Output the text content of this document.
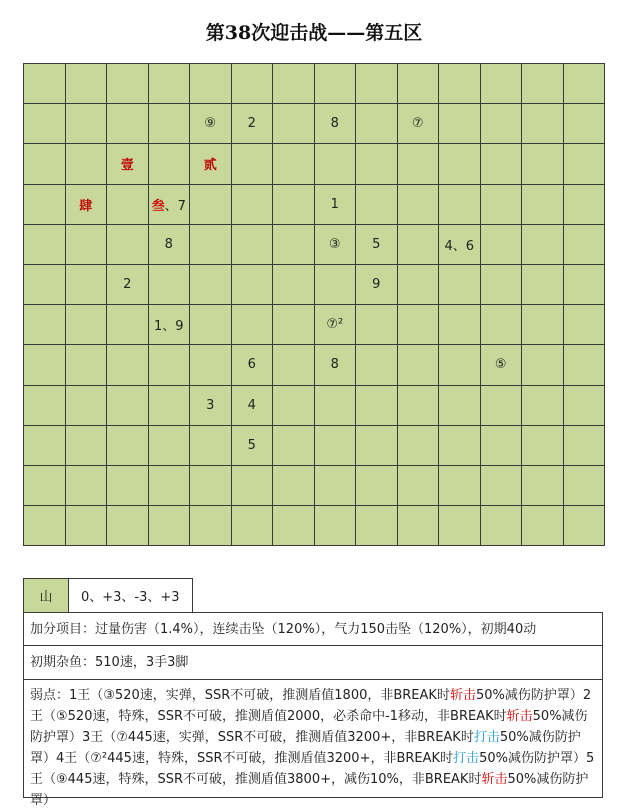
第38次迎击战——第五区

				⑨	2		8		⑦				
		壹		贰									
	肆		叁、7				1						
			8				③	5		4、6			
		2						9					
			1、9				⑦²						
					6		8				⑤		
				3	4								
					5								

山	0、+3、-3、+3
加分项目：过量伤害（1.4%），连续击坠（120%），气力150击坠（120%），初期40动
初期杂鱼：510速，3手3脚
弱点：1王（③520速，实弹，SSR不可破，推测盾值1800，非BREAK时斩击50%减伤防护罩）2王（⑤520速，特殊，SSR不可破，推测盾值2000，必杀命中-1移动，非BREAK时斩击50%减伤防护罩）3王（⑦445速，实弹，SSR不可破，推测盾值3200+，非BREAK时打击50%减伤防护罩）4王（⑦²445速，特殊，SSR不可破，推测盾值3200+，非BREAK时打击50%减伤防护罩）5王（⑨445速，特殊，SSR不可破，推测盾值3800+，减伤10%，非BREAK时斩击50%减伤防护罩）
